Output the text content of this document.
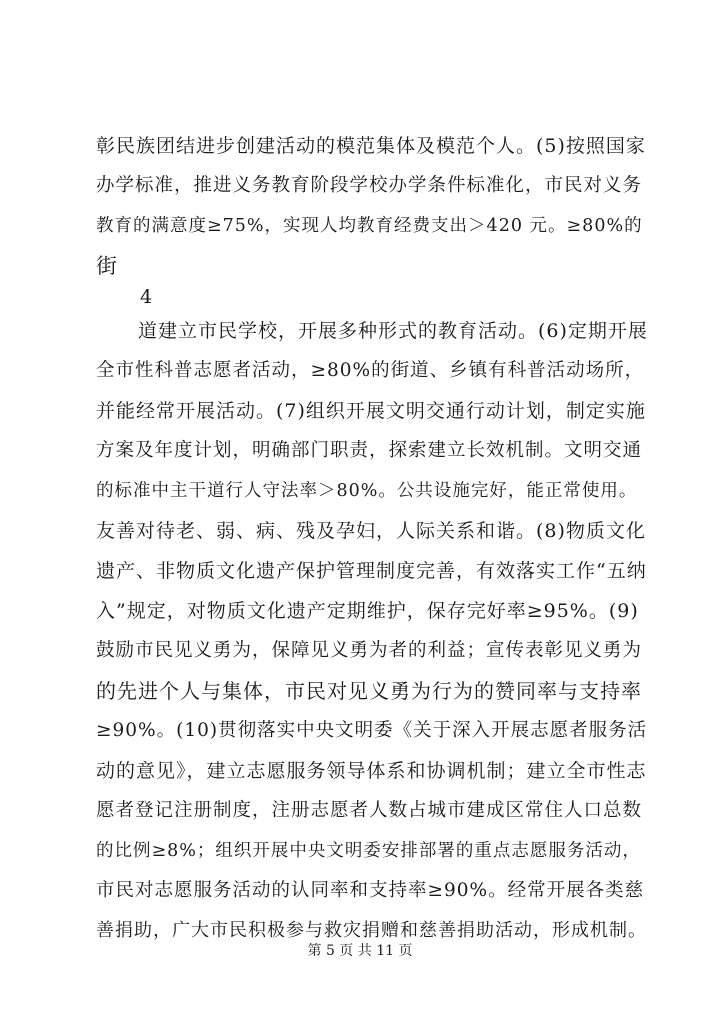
彰民族团结进步创建活动的模范集体及模范个人。(5)按照国家
办学标准，推进义务教育阶段学校办学条件标准化，市民对义务
教育的满意度≥75%，实现人均教育经费支出＞420 元。≥80%的
街
4
道建立市民学校，开展多种形式的教育活动。(6)定期开展
全市性科普志愿者活动，≥80%的街道、乡镇有科普活动场所，
并能经常开展活动。(7)组织开展文明交通行动计划，制定实施
方案及年度计划，明确部门职责，探索建立长效机制。文明交通
的标准中主干道行人守法率＞80%。公共设施完好，能正常使用。
友善对待老、弱、病、残及孕妇，人际关系和谐。(8)物质文化
遗产、非物质文化遗产保护管理制度完善，有效落实工作“五纳
入”规定，对物质文化遗产定期维护，保存完好率≥95%。(9)
鼓励市民见义勇为，保障见义勇为者的利益；宣传表彰见义勇为
的先进个人与集体，市民对见义勇为行为的赞同率与支持率
≥90%。(10)贯彻落实中央文明委《关于深入开展志愿者服务活
动的意见》，建立志愿服务领导体系和协调机制；建立全市性志
愿者登记注册制度，注册志愿者人数占城市建成区常住人口总数
的比例≥8%；组织开展中央文明委安排部署的重点志愿服务活动，
市民对志愿服务活动的认同率和支持率≥90%。经常开展各类慈
善捐助，广大市民积极参与救灾捐赠和慈善捐助活动，形成机制。
第 5 页 共 11 页
